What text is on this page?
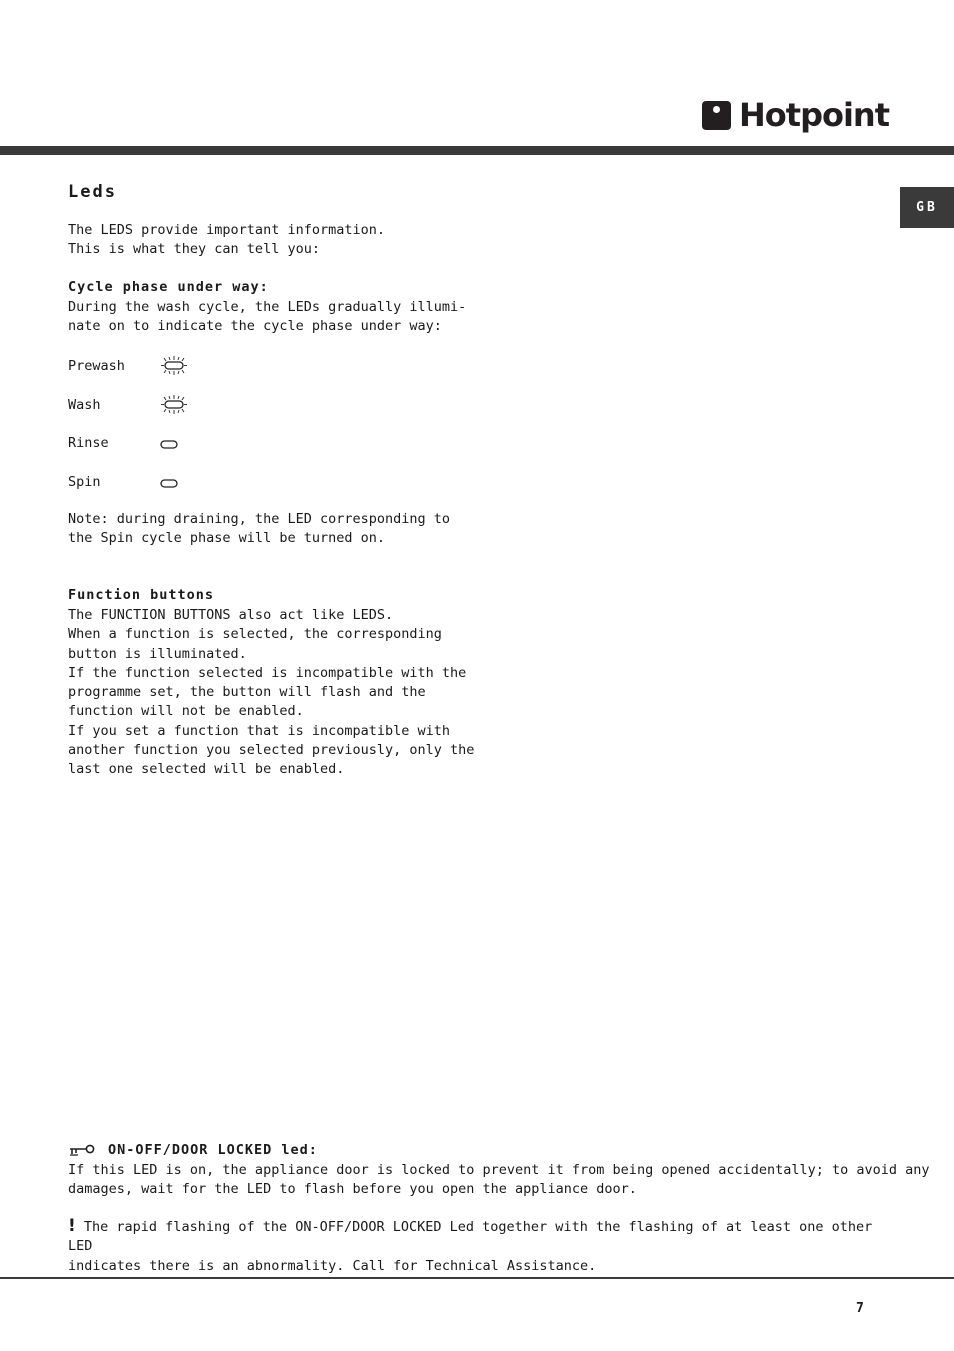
Hotpoint
GB
Leds
The LEDS provide important information.
This is what they can tell you:
Cycle phase under way:
During the wash cycle, the LEDs gradually illumi-
nate on to indicate the cycle phase under way:
Prewash
Wash
Rinse
Spin
Note: during draining, the LED corresponding to
the Spin cycle phase will be turned on.
Function buttons
The FUNCTION BUTTONS also act like LEDS.
When a function is selected, the corresponding
button is illuminated.
If the function selected is incompatible with the
programme set, the button will flash and the
function will not be enabled.
If you set a function that is incompatible with
another function you selected previously, only the
last one selected will be enabled.
ON-OFF/DOOR LOCKED led:
If this LED is on, the appliance door is locked to prevent it from being opened accidentally; to avoid any
damages, wait for the LED to flash before you open the appliance door.
! The rapid flashing of the ON-OFF/DOOR LOCKED Led together with the flashing of at least one other LED
indicates there is an abnormality. Call for Technical Assistance.
7
